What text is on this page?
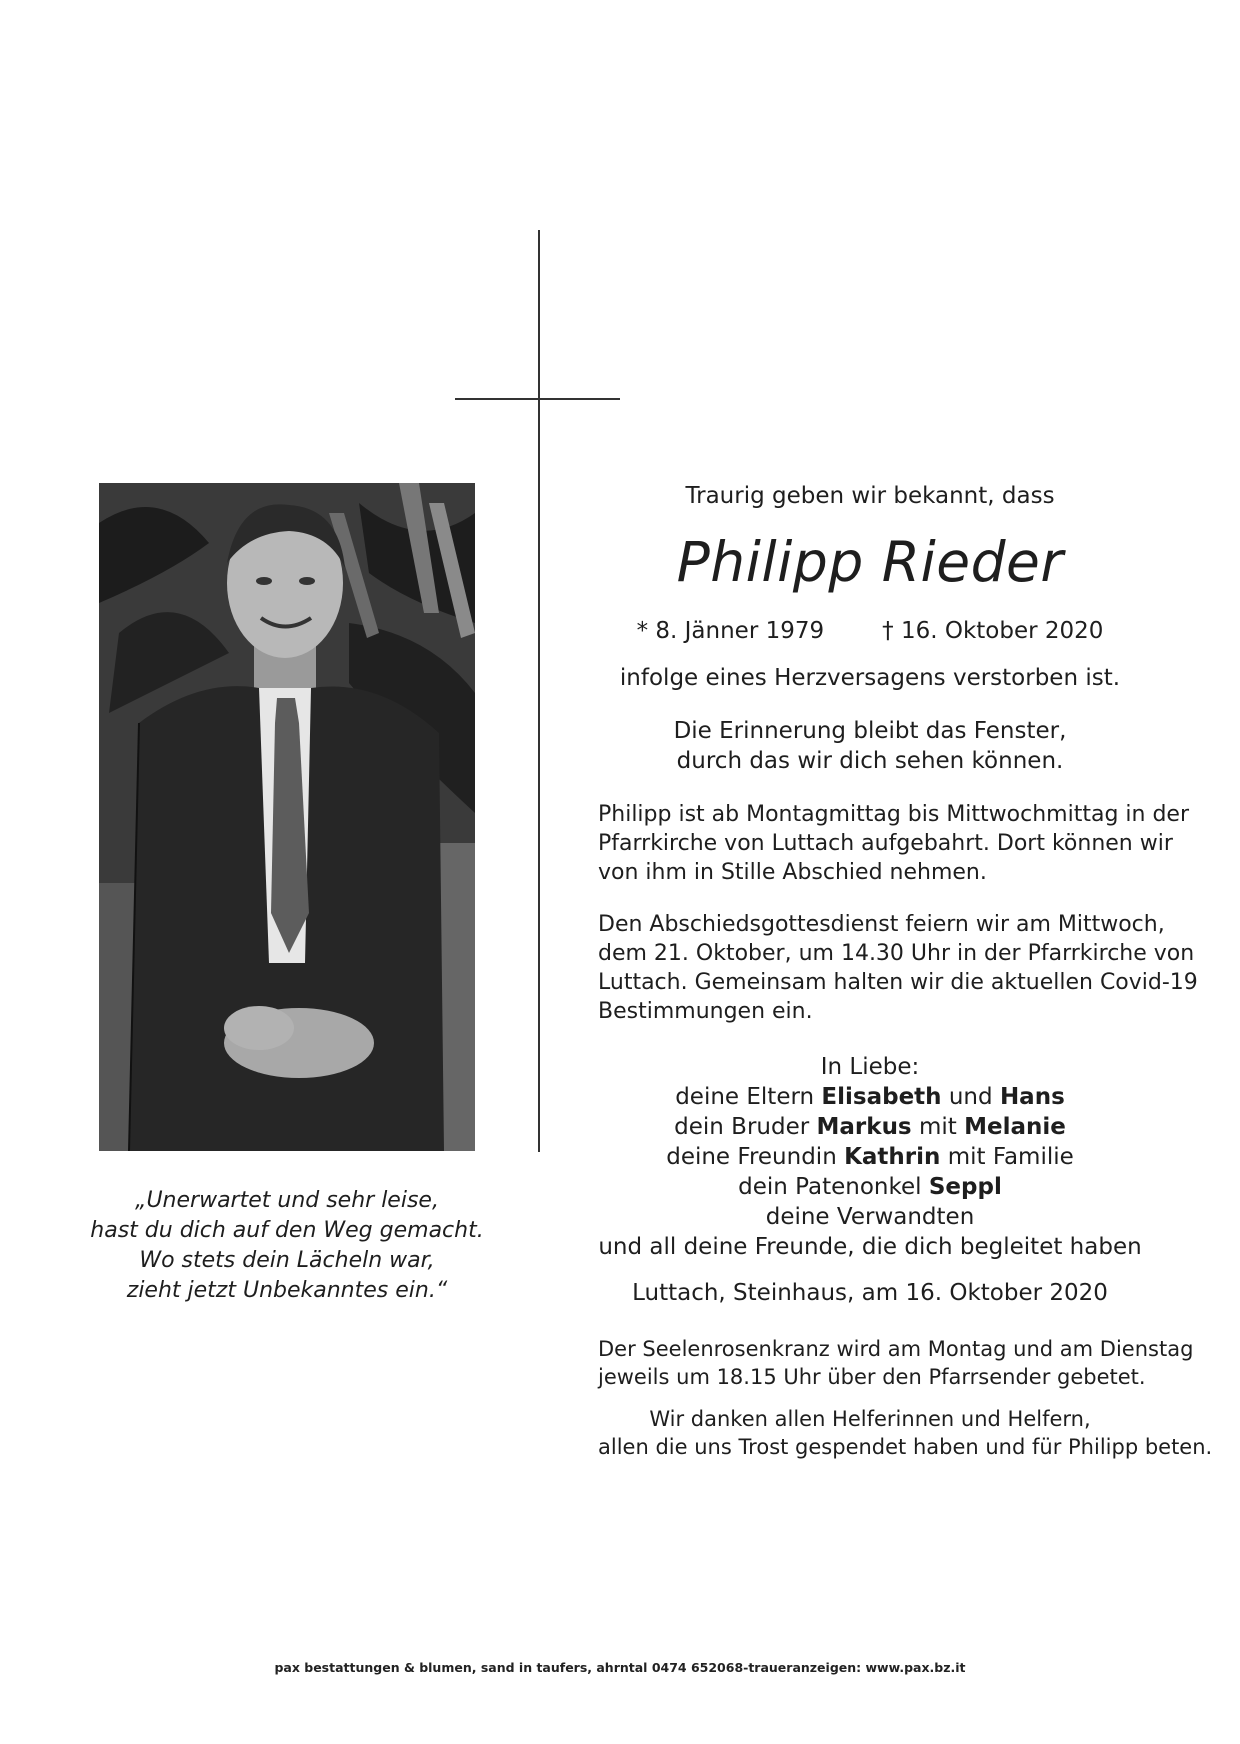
„Unerwartet und sehr leise,
hast du dich auf den Weg gemacht.
Wo stets dein Lächeln war,
zieht jetzt Unbekanntes ein.“
Traurig geben wir bekannt, dass
Philipp Rieder
* 8. Jänner 1979	† 16. Oktober 2020
infolge eines Herzversagens verstorben ist.
Die Erinnerung bleibt das Fenster,
durch das wir dich sehen können.
Philipp ist ab Montagmittag bis Mittwochmittag in der
Pfarrkirche von Luttach aufgebahrt. Dort können wir
von ihm in Stille Abschied nehmen.
Den Abschiedsgottesdienst feiern wir am Mittwoch,
dem 21. Oktober, um 14.30 Uhr in der Pfarrkirche von
Luttach. Gemeinsam halten wir die aktuellen Covid-19
Bestimmungen ein.
In Liebe:
deine Eltern Elisabeth und Hans
dein Bruder Markus mit Melanie
deine Freundin Kathrin mit Familie
dein Patenonkel Seppl
deine Verwandten
und all deine Freunde, die dich begleitet haben
Luttach, Steinhaus, am 16. Oktober 2020
Der Seelenrosenkranz wird am Montag und am Dienstag
jeweils um 18.15 Uhr über den Pfarrsender gebetet.
Wir danken allen Helferinnen und Helfern,
allen die uns Trost gespendet haben und für Philipp beten.
pax bestattungen & blumen, sand in taufers, ahrntal 0474 652068-traueranzeigen: www.pax.bz.it
